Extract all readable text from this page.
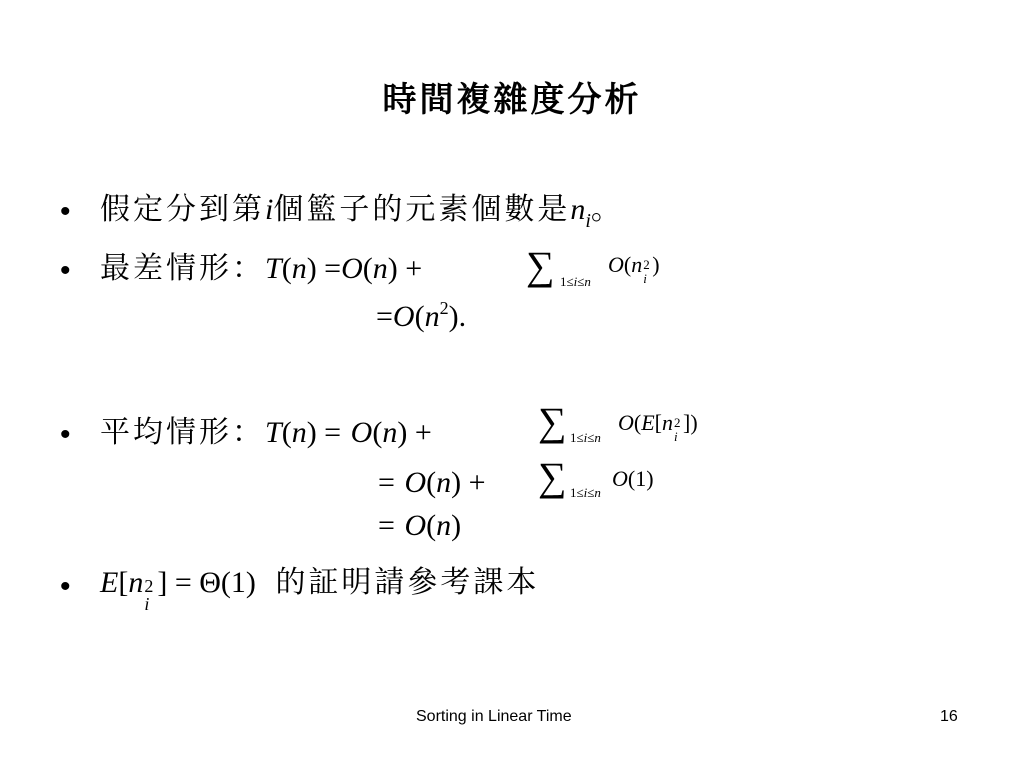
時間複雜度分析
• 假定分到第i個籃子的元素個數是$n_i$。
• 最差情形：T(n) =O(n) +	∑ 1≤i≤n
O(n 2
i
)
$=O(n^2)$.
• 平均情形：T(n) = O(n) +	∑ 1≤i≤n
O(E[n 2
i
])
= O(n) + ∑ 1≤i≤n
O(1)
= O(n)
• E[n 2
i
] = Θ(1) 的証明請參考課本
Sorting in Linear Time	16
